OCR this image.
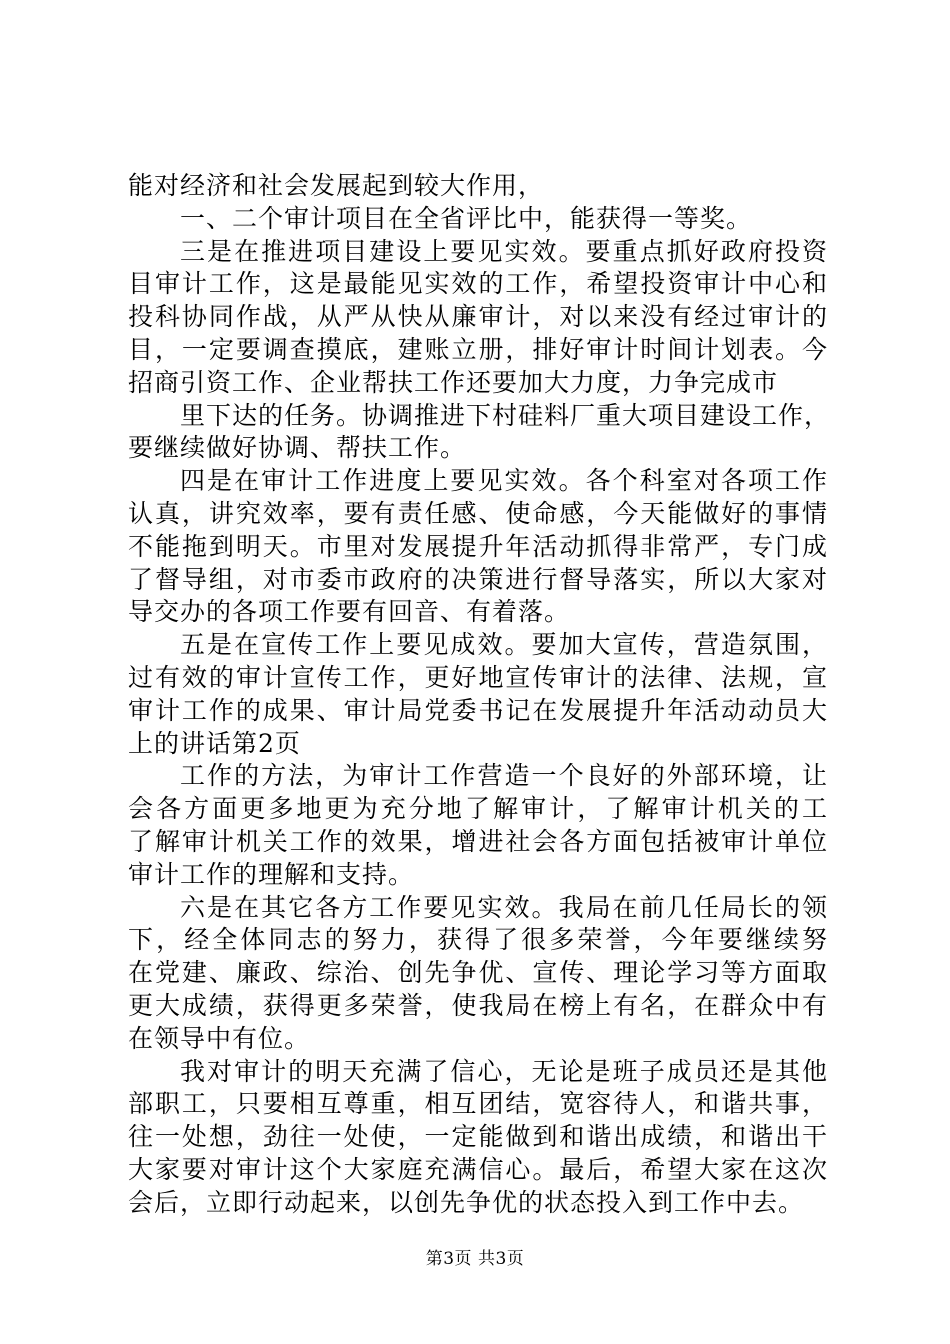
能对经济和社会发展起到较大作用，
一、二个审计项目在全省评比中，能获得一等奖。
三是在推进项目建设上要见实效。要重点抓好政府投资
目审计工作，这是最能见实效的工作，希望投资审计中心和
投科协同作战，从严从快从廉审计，对以来没有经过审计的
目，一定要调查摸底，建账立册，排好审计时间计划表。今
招商引资工作、企业帮扶工作还要加大力度，力争完成市
里下达的任务。协调推进下村硅料厂重大项目建设工作，
要继续做好协调、帮扶工作。
四是在审计工作进度上要见实效。各个科室对各项工作
认真，讲究效率，要有责任感、使命感，今天能做好的事情
不能拖到明天。市里对发展提升年活动抓得非常严，专门成
了督导组，对市委市政府的决策进行督导落实，所以大家对
导交办的各项工作要有回音、有着落。
五是在宣传工作上要见成效。要加大宣传，营造氛围，
过有效的审计宣传工作，更好地宣传审计的法律、法规，宣
审计工作的成果、审计局党委书记在发展提升年活动动员大
上的讲话第2页
工作的方法，为审计工作营造一个良好的外部环境，让
会各方面更多地更为充分地了解审计，了解审计机关的工
了解审计机关工作的效果，增进社会各方面包括被审计单位
审计工作的理解和支持。
六是在其它各方工作要见实效。我局在前几任局长的领
下，经全体同志的努力，获得了很多荣誉，今年要继续努
在党建、廉政、综治、创先争优、宣传、理论学习等方面取
更大成绩，获得更多荣誉，使我局在榜上有名，在群众中有
在领导中有位。
我对审计的明天充满了信心，无论是班子成员还是其他
部职工，只要相互尊重，相互团结，宽容待人，和谐共事，
往一处想，劲往一处使，一定能做到和谐出成绩，和谐出干
大家要对审计这个大家庭充满信心。最后，希望大家在这次
会后，立即行动起来，以创先争优的状态投入到工作中去。
第3页 共3页
